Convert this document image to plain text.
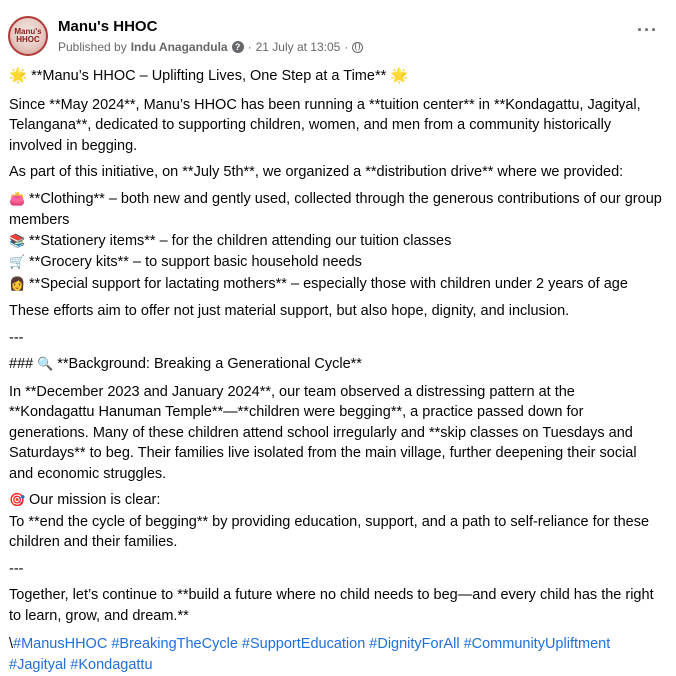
Manu's HHOC
Manu's HHOC
Published by Indu Anagandula ? · 21 July at 13:05 ·
···

🌟 **Manu’s HHOC – Uplifting Lives, One Step at a Time** 🌟

Since **May 2024**, Manu’s HHOC has been running a **tuition center** in **Kondagattu, Jagityal, Telangana**, dedicated to supporting children, women, and men from a community historically involved in begging.

As part of this initiative, on **July 5th**, we organized a **distribution drive** where we provided:

👛 **Clothing** – both new and gently used, collected through the generous contributions of our group members

📚 **Stationery items** – for the children attending our tuition classes

🛒 **Grocery kits** – to support basic household needs

👩 **Special support for lactating mothers** – especially those with children under 2 years of age

These efforts aim to offer not just material support, but also hope, dignity, and inclusion.

---

### 🔍 **Background: Breaking a Generational Cycle**

In **December 2023 and January 2024**, our team observed a distressing pattern at the **Kondagattu Hanuman Temple**—**children were begging**, a practice passed down for generations. Many of these children attend school irregularly and **skip classes on Tuesdays and Saturdays** to beg. Their families live isolated from the main village, further deepening their social and economic struggles.

🎯 Our mission is clear:

To **end the cycle of begging** by providing education, support, and a path to self-reliance for these children and their families.

---

Together, let’s continue to **build a future where no child needs to beg—and every child has the right to learn, grow, and dream.**

\#ManusHHOC #BreakingTheCycle #SupportEducation #DignityForAll #CommunityUpliftment #Jagityal #Kondagattu
